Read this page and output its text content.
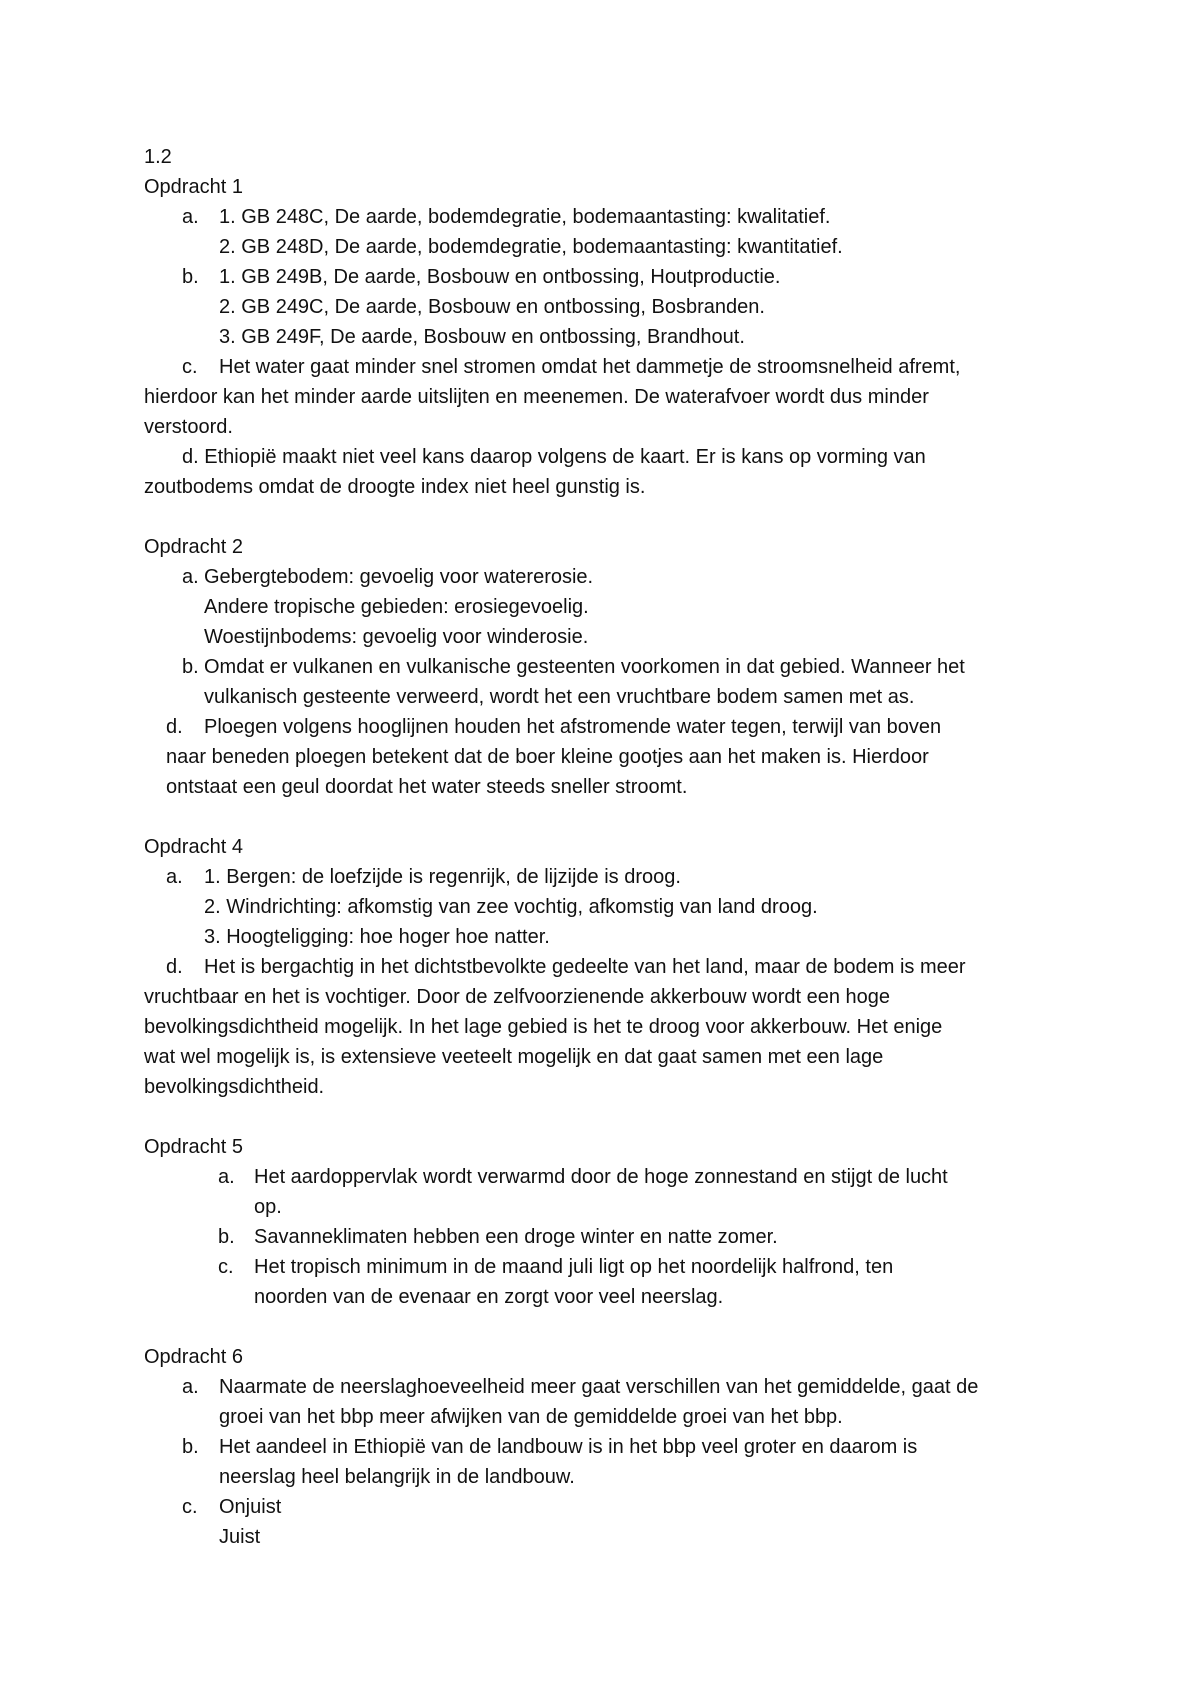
1.2
Opdracht 1
a. 1. GB 248C, De aarde, bodemdegratie, bodemaantasting: kwalitatief.
2. GB 248D, De aarde, bodemdegratie, bodemaantasting: kwantitatief.
b. 1. GB 249B, De aarde, Bosbouw en ontbossing, Houtproductie.
2. GB 249C, De aarde, Bosbouw en ontbossing, Bosbranden.
3. GB 249F, De aarde, Bosbouw en ontbossing, Brandhout.
c. Het water gaat minder snel stromen omdat het dammetje de stroomsnelheid afremt,
hierdoor kan het minder aarde uitslijten en meenemen. De waterafvoer wordt dus minder
verstoord.
d. Ethiopië maakt niet veel kans daarop volgens de kaart. Er is kans op vorming van
zoutbodems omdat de droogte index niet heel gunstig is.
Opdracht 2
a. Gebergtebodem: gevoelig voor watererosie.
Andere tropische gebieden: erosiegevoelig.
Woestijnbodems: gevoelig voor winderosie.
b. Omdat er vulkanen en vulkanische gesteenten voorkomen in dat gebied. Wanneer het
vulkanisch gesteente verweerd, wordt het een vruchtbare bodem samen met as.
d. Ploegen volgens hooglijnen houden het afstromende water tegen, terwijl van boven
naar beneden ploegen betekent dat de boer kleine gootjes aan het maken is. Hierdoor
ontstaat een geul doordat het water steeds sneller stroomt.
Opdracht 4
a. 1. Bergen: de loefzijde is regenrijk, de lijzijde is droog.
2. Windrichting: afkomstig van zee vochtig, afkomstig van land droog.
3. Hoogteligging: hoe hoger hoe natter.
d. Het is bergachtig in het dichtstbevolkte gedeelte van het land, maar de bodem is meer
vruchtbaar en het is vochtiger. Door de zelfvoorzienende akkerbouw wordt een hoge
bevolkingsdichtheid mogelijk. In het lage gebied is het te droog voor akkerbouw. Het enige
wat wel mogelijk is, is extensieve veeteelt mogelijk en dat gaat samen met een lage
bevolkingsdichtheid.
Opdracht 5
a. Het aardoppervlak wordt verwarmd door de hoge zonnestand en stijgt de lucht
op.
b. Savanneklimaten hebben een droge winter en natte zomer.
c. Het tropisch minimum in de maand juli ligt op het noordelijk halfrond, ten
noorden van de evenaar en zorgt voor veel neerslag.
Opdracht 6
a. Naarmate de neerslaghoeveelheid meer gaat verschillen van het gemiddelde, gaat de
groei van het bbp meer afwijken van de gemiddelde groei van het bbp.
b. Het aandeel in Ethiopië van de landbouw is in het bbp veel groter en daarom is
neerslag heel belangrijk in de landbouw.
c. Onjuist
Juist
